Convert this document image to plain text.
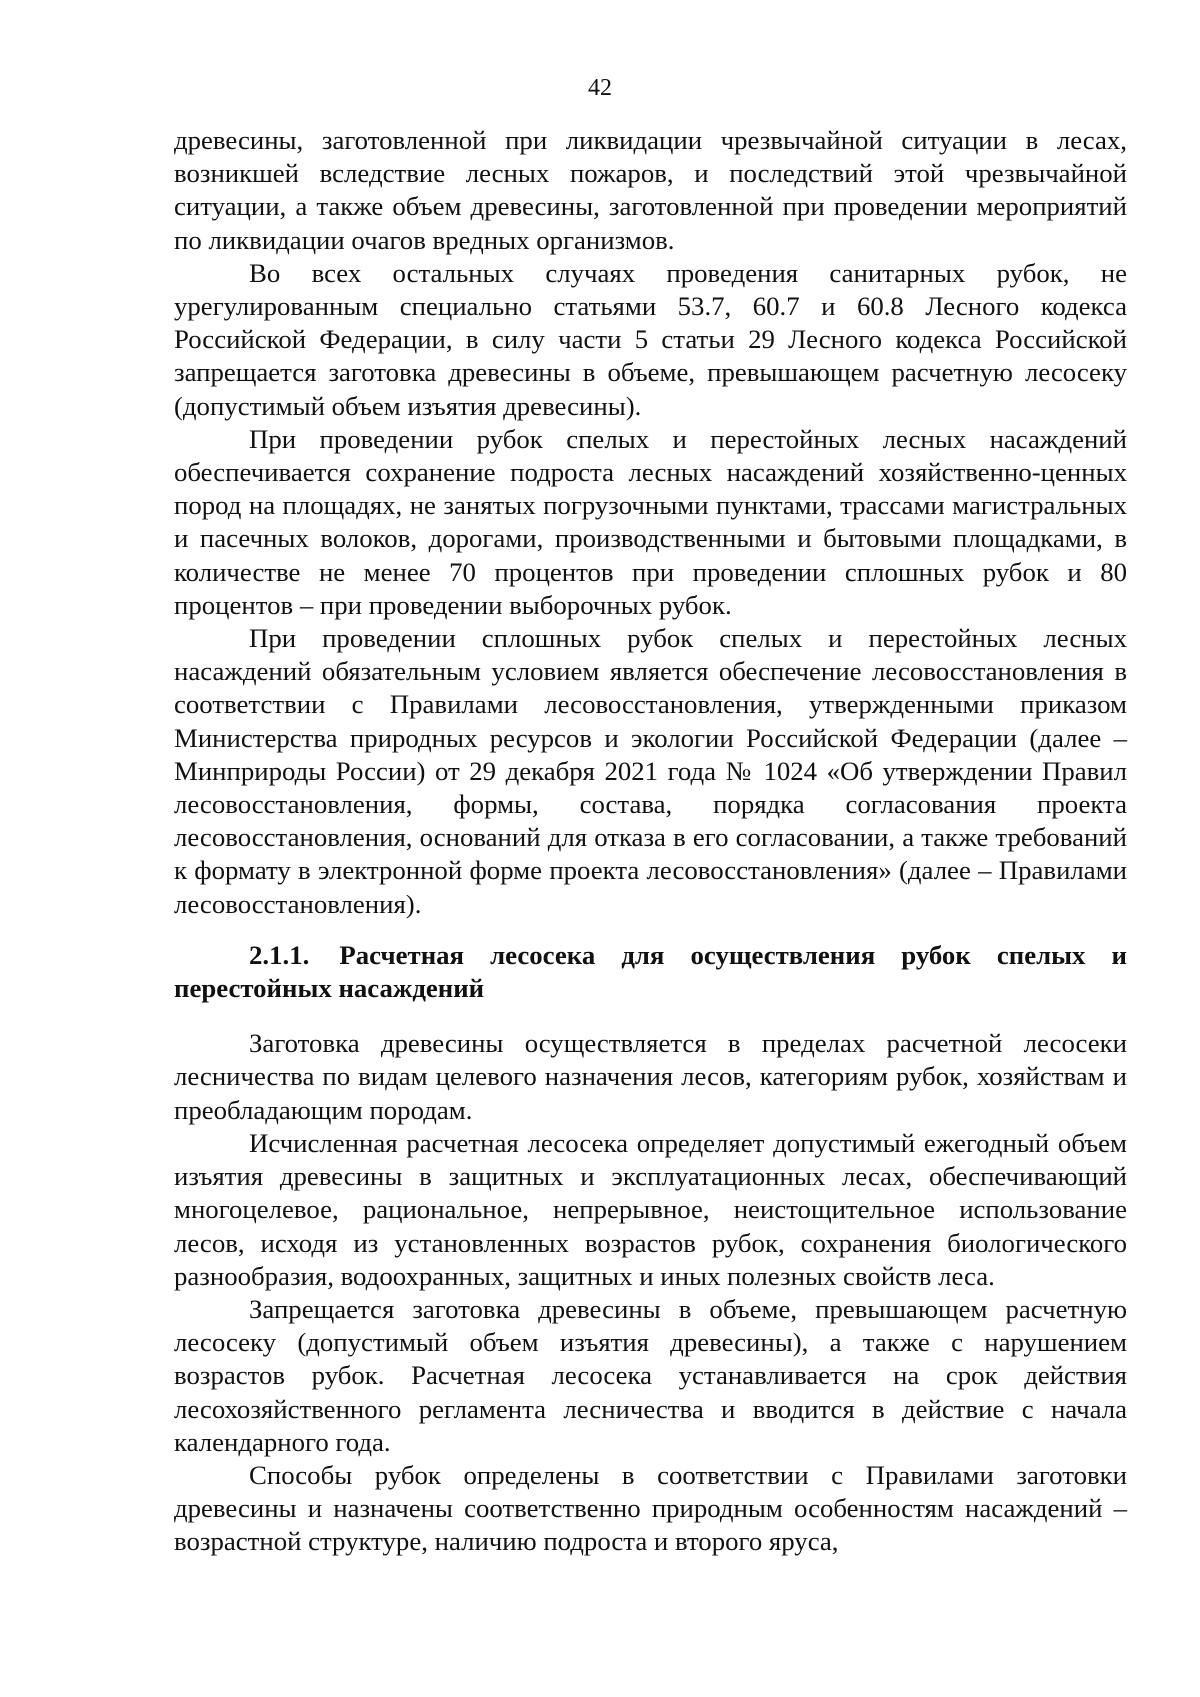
42

древесины, заготовленной при ликвидации чрезвычайной ситуации в лесах, возникшей вследствие лесных пожаров, и последствий этой чрезвычайной ситуации, а также объем древесины, заготовленной при проведении мероприятий по ликвидации очагов вредных организмов.

Во всех остальных случаях проведения санитарных рубок, не урегулированным специально статьями 53.7, 60.7 и 60.8 Лесного кодекса Российской Федерации, в силу части 5 статьи 29 Лесного кодекса Российской запрещается заготовка древесины в объеме, превышающем расчетную лесосеку (допустимый объем изъятия древесины).

При проведении рубок спелых и перестойных лесных насаждений обеспечивается сохранение подроста лесных насаждений хозяйственно-ценных пород на площадях, не занятых погрузочными пунктами, трассами магистральных и пасечных волоков, дорогами, производственными и бытовыми площадками, в количестве не менее 70 процентов при проведении сплошных рубок и 80 процентов – при проведении выборочных рубок.

При проведении сплошных рубок спелых и перестойных лесных насаждений обязательным условием является обеспечение лесовосстановления в соответствии с Правилами лесовосстановления, утвержденными приказом Министерства природных ресурсов и экологии Российской Федерации (далее – Минприроды России) от 29 декабря 2021 года № 1024 «Об утверждении Правил лесовосстановления, формы, состава, порядка согласования проекта лесовосстановления, оснований для отказа в его согласовании, а также требований к формату в электронной форме проекта лесовосстановления» (далее – Правилами лесовосстановления).

2.1.1. Расчетная лесосека для осуществления рубок спелых и перестойных насаждений

Заготовка древесины осуществляется в пределах расчетной лесосеки лесничества по видам целевого назначения лесов, категориям рубок, хозяйствам и преобладающим породам.

Исчисленная расчетная лесосека определяет допустимый ежегодный объем изъятия древесины в защитных и эксплуатационных лесах, обеспечивающий многоцелевое, рациональное, непрерывное, неистощительное использование лесов, исходя из установленных возрастов рубок, сохранения биологического разнообразия, водоохранных, защитных и иных полезных свойств леса.

Запрещается заготовка древесины в объеме, превышающем расчетную лесосеку (допустимый объем изъятия древесины), а также с нарушением возрастов рубок. Расчетная лесосека устанавливается на срок действия лесохозяйственного регламента лесничества и вводится в действие с начала календарного года.

Способы рубок определены в соответствии с Правилами заготовки древесины и назначены соответственно природным особенностям насаждений – возрастной структуре, наличию подроста и второго яруса,
